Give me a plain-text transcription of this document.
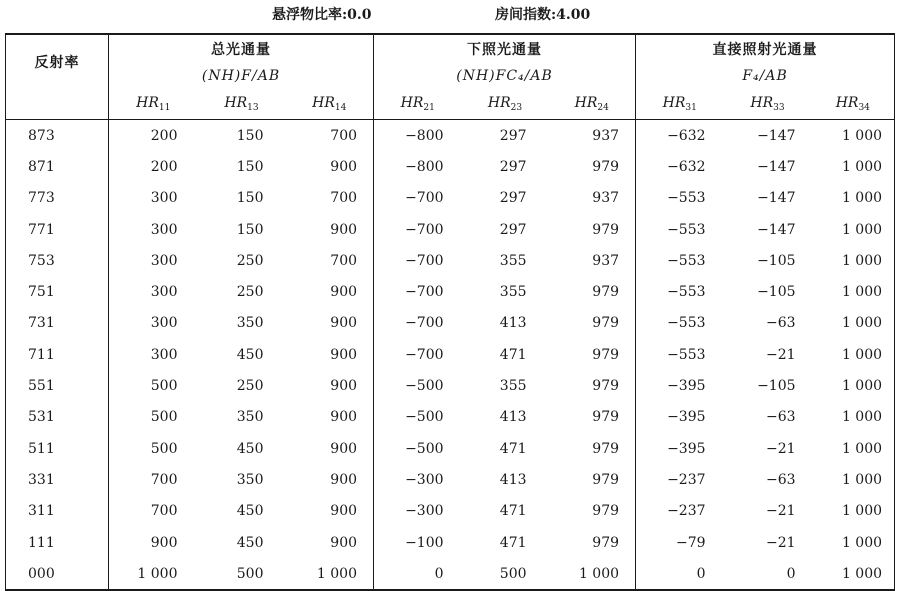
悬浮物比率:0.0	房间指数:4.00
反射率	总光通量			下照光通量			直接照射光通量		
	(NH)F/AB			(NH)FC₄/AB			F₄/AB		
	$HR_{11}$	$HR_{13}$	$HR_{14}$	$HR_{21}$	$HR_{23}$	$HR_{24}$	$HR_{31}$	$HR_{33}$	$HR_{34}$
873	200	150	700	−800	297	937	−632	−147	1 000
871	200	150	900	−800	297	979	−632	−147	1 000
773	300	150	700	−700	297	937	−553	−147	1 000
771	300	150	900	−700	297	979	−553	−147	1 000
753	300	250	700	−700	355	937	−553	−105	1 000
751	300	250	900	−700	355	979	−553	−105	1 000
731	300	350	900	−700	413	979	−553	−63	1 000
711	300	450	900	−700	471	979	−553	−21	1 000
551	500	250	900	−500	355	979	−395	−105	1 000
531	500	350	900	−500	413	979	−395	−63	1 000
511	500	450	900	−500	471	979	−395	−21	1 000
331	700	350	900	−300	413	979	−237	−63	1 000
311	700	450	900	−300	471	979	−237	−21	1 000
111	900	450	900	−100	471	979	−79	−21	1 000
000	1 000	500	1 000	0	500	1 000	0	0	1 000
